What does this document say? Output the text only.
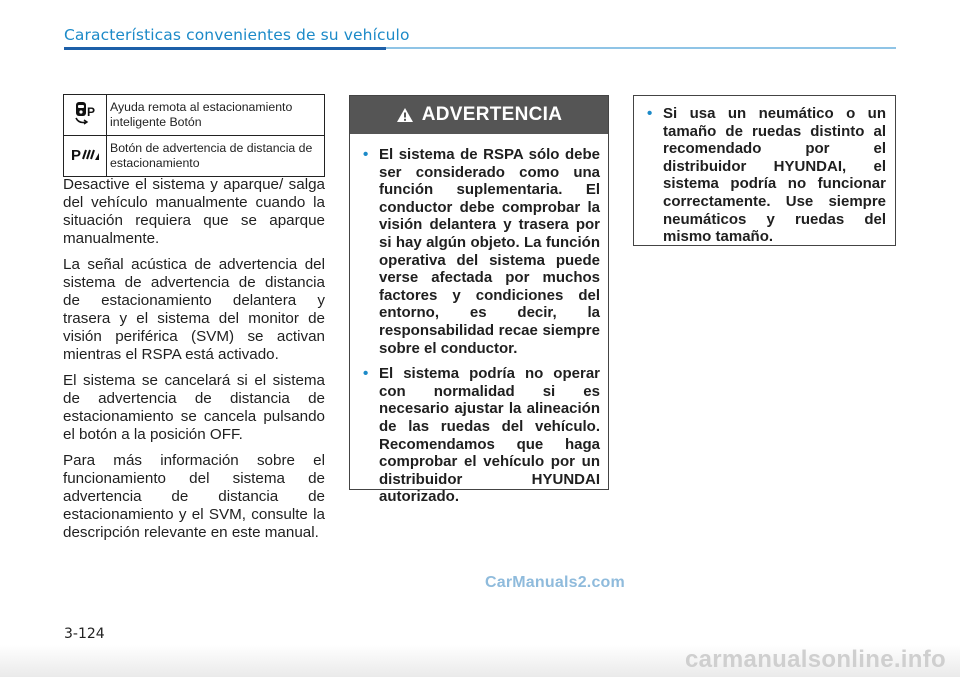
Características convenientes de su vehículo
P	Ayuda remota al estacionamiento inteligente Botón

P	Botón de advertencia de distancia de estacionamiento

Desactive el sistema y aparque/ salga del vehículo manualmente cuando la situación requiera que se aparque manualmente.

La señal acústica de advertencia del sistema de advertencia de distancia de estacionamiento delantera y trasera y el sistema del monitor de visión periférica (SVM) se activan mientras el RSPA está activado.

El sistema se cancelará si el sistema de advertencia de distancia de estacionamiento se cancela pulsando el botón a la posición OFF.

Para más información sobre el funcionamiento del sistema de advertencia de distancia de estacionamiento y el SVM, consulte la descripción relevante en este manual.

ADVERTENCIA
• El sistema de RSPA sólo debe ser considerado como una función suplementaria. El conductor debe comprobar la visión delantera y trasera por si hay algún objeto. La función operativa del sistema puede verse afectada por muchos factores y condiciones del entorno, es decir, la responsabilidad recae siempre sobre el conductor.
• El sistema podría no operar con normalidad si es necesario ajustar la alineación de las ruedas del vehículo. Recomendamos que haga comprobar el vehículo por un distribuidor HYUNDAI autorizado.
• Si usa un neumático o un tamaño de ruedas distinto al recomendado por el distribuidor HYUNDAI, el sistema podría no funcionar correctamente. Use siempre neumáticos y ruedas del mismo tamaño.
CarManuals2.com
3-124
carmanualsonline.info
